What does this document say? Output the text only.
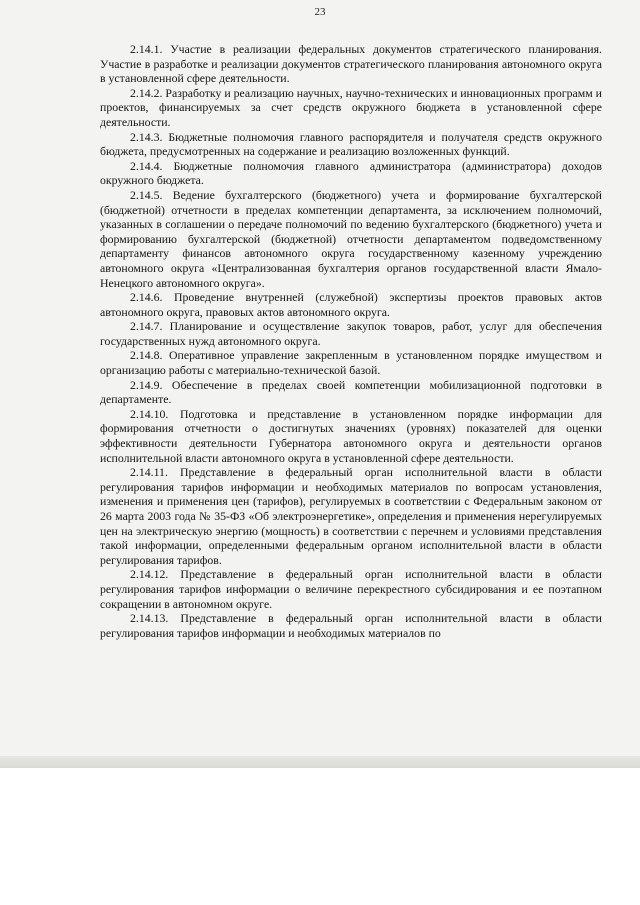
23

2.14.1. Участие в реализации федеральных документов стратегического планирования. Участие в разработке и реализации документов стратегического планирования автономного округа в установленной сфере деятельности.

2.14.2. Разработку и реализацию научных, научно-технических и инновационных программ и проектов, финансируемых за счет средств окружного бюджета в установленной сфере деятельности.

2.14.3. Бюджетные полномочия главного распорядителя и получателя средств окружного бюджета, предусмотренных на содержание и реализацию возложенных функций.

2.14.4. Бюджетные полномочия главного администратора (администратора) доходов окружного бюджета.

2.14.5. Ведение бухгалтерского (бюджетного) учета и формирование бухгалтерской (бюджетной) отчетности в пределах компетенции департамента, за исключением полномочий, указанных в соглашении о передаче полномочий по ведению бухгалтерского (бюджетного) учета и формированию бухгалтерской (бюджетной) отчетности департаментом подведомственному департаменту финансов автономного округа государственному казенному учреждению автономного округа «Централизованная бухгалтерия органов государственной власти Ямало-Ненецкого автономного округа».

2.14.6. Проведение внутренней (служебной) экспертизы проектов правовых актов автономного округа, правовых актов автономного округа.

2.14.7. Планирование и осуществление закупок товаров, работ, услуг для обеспечения государственных нужд автономного округа.

2.14.8. Оперативное управление закрепленным в установленном порядке имуществом и организацию работы с материально-технической базой.

2.14.9. Обеспечение в пределах своей компетенции мобилизационной подготовки в департаменте.

2.14.10. Подготовка и представление в установленном порядке информации для формирования отчетности о достигнутых значениях (уровнях) показателей для оценки эффективности деятельности Губернатора автономного округа и деятельности органов исполнительной власти автономного округа в установленной сфере деятельности.

2.14.11. Представление в федеральный орган исполнительной власти в области регулирования тарифов информации и необходимых материалов по вопросам установления, изменения и применения цен (тарифов), регулируемых в соответствии с Федеральным законом от 26 марта 2003 года № 35-ФЗ «Об электроэнергетике», определения и применения нерегулируемых цен на электрическую энергию (мощность) в соответствии с перечнем и условиями представления такой информации, определенными федеральным органом исполнительной власти в области регулирования тарифов.

2.14.12. Представление в федеральный орган исполнительной власти в области регулирования тарифов информации о величине перекрестного субсидирования и ее поэтапном сокращении в автономном округе.

2.14.13. Представление в федеральный орган исполнительной власти в области регулирования тарифов информации и необходимых материалов по
